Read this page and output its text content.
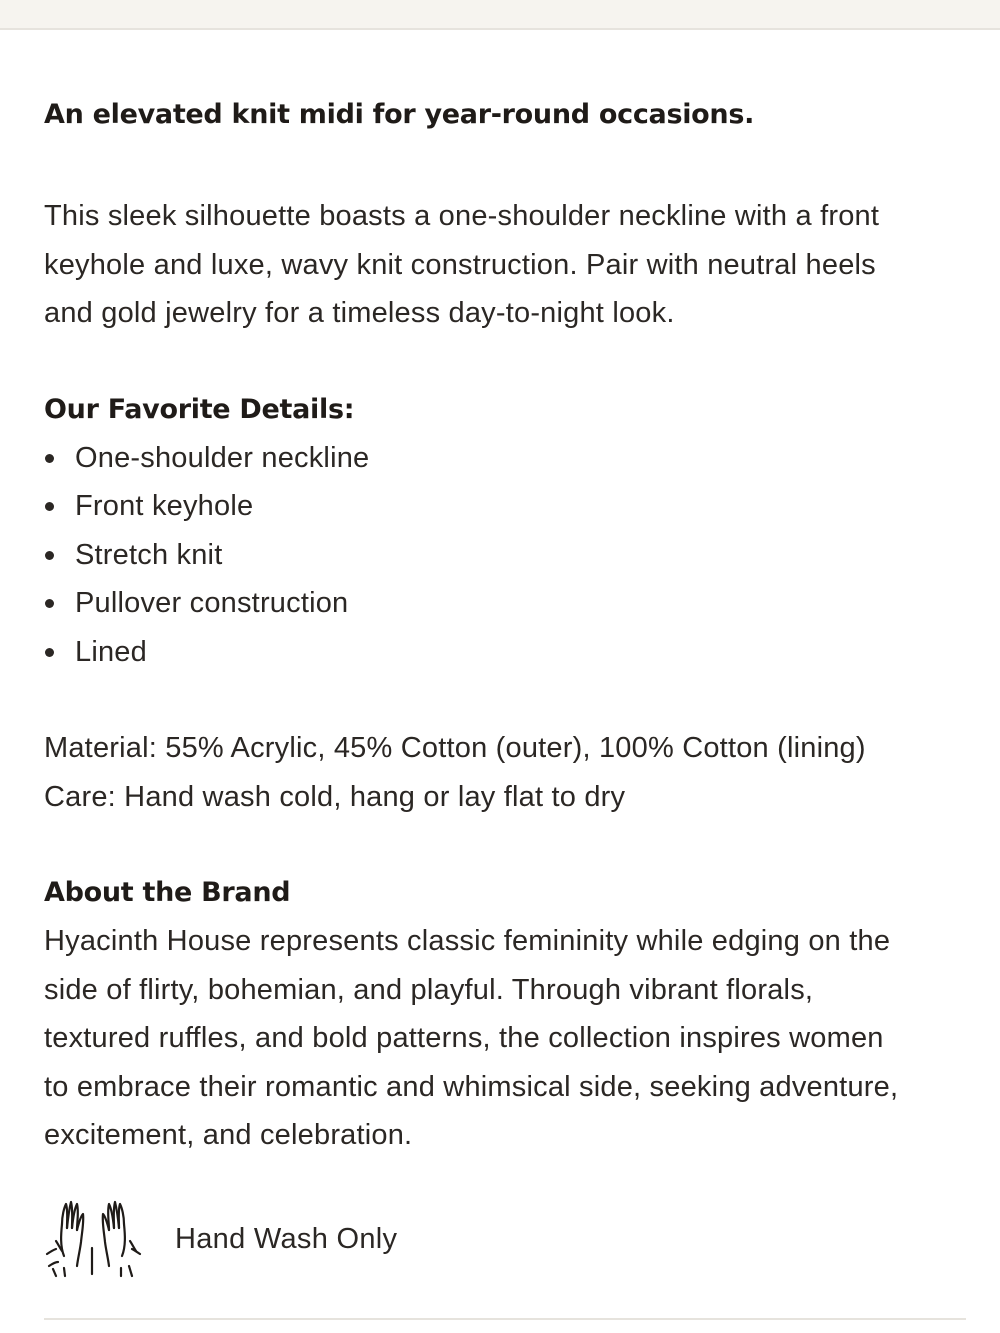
An elevated knit midi for year-round occasions.

This sleek silhouette boasts a one-shoulder neckline with a front

keyhole and luxe, wavy knit construction. Pair with neutral heels

and gold jewelry for a timeless day-to-night look.

Our Favorite Details:
One-shoulder neckline
Front keyhole
Stretch knit
Pullover construction
Lined

Material: 55% Acrylic, 45% Cotton (outer), 100% Cotton (lining)

Care: Hand wash cold, hang or lay flat to dry

About the Brand

Hyacinth House represents classic femininity while edging on the

side of flirty, bohemian, and playful. Through vibrant florals,

textured ruffles, and bold patterns, the collection inspires women

to embrace their romantic and whimsical side, seeking adventure,

excitement, and celebration.

Hand Wash Only
